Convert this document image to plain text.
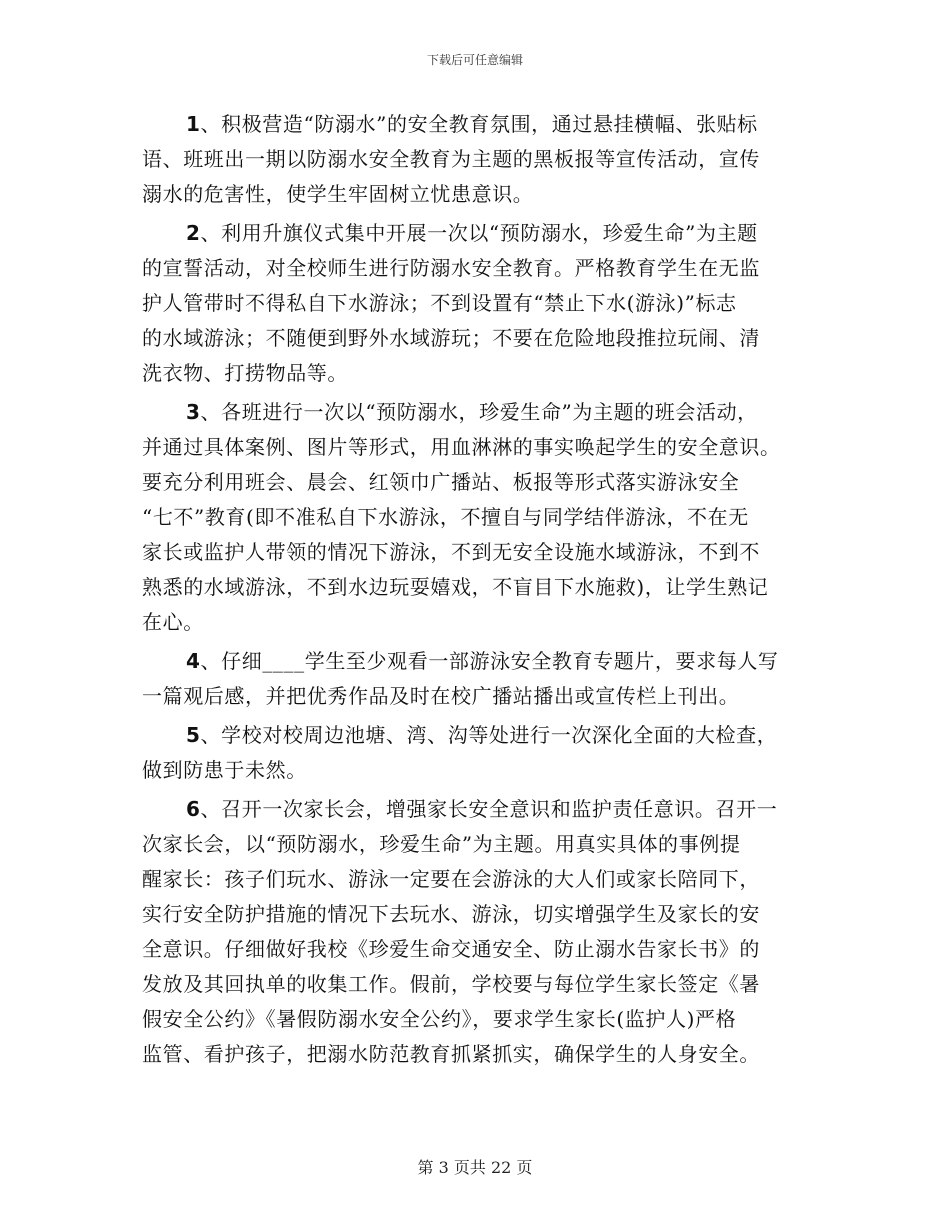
下载后可任意编辑
1、积极营造“防溺水”的安全教育氛围，通过悬挂横幅、张贴标
语、班班出一期以防溺水安全教育为主题的黑板报等宣传活动，宣传
溺水的危害性，使学生牢固树立忧患意识。
2、利用升旗仪式集中开展一次以“预防溺水，珍爱生命”为主题
的宣誓活动，对全校师生进行防溺水安全教育。严格教育学生在无监
护人管带时不得私自下水游泳；不到设置有“禁止下水(游泳)”标志
的水域游泳；不随便到野外水域游玩；不要在危险地段推拉玩闹、清
洗衣物、打捞物品等。
3、各班进行一次以“预防溺水，珍爱生命”为主题的班会活动，
并通过具体案例、图片等形式，用血淋淋的事实唤起学生的安全意识。
要充分利用班会、晨会、红领巾广播站、板报等形式落实游泳安全
“七不”教育(即不准私自下水游泳，不擅自与同学结伴游泳，不在无
家长或监护人带领的情况下游泳，不到无安全设施水域游泳，不到不
熟悉的水域游泳，不到水边玩耍嬉戏，不盲目下水施救)，让学生熟记
在心。
4、仔细____学生至少观看一部游泳安全教育专题片，要求每人写
一篇观后感，并把优秀作品及时在校广播站播出或宣传栏上刊出。
5、学校对校周边池塘、湾、沟等处进行一次深化全面的大检查，
做到防患于未然。
6、召开一次家长会，增强家长安全意识和监护责任意识。召开一
次家长会，以“预防溺水，珍爱生命”为主题。用真实具体的事例提
醒家长：孩子们玩水、游泳一定要在会游泳的大人们或家长陪同下，
实行安全防护措施的情况下去玩水、游泳，切实增强学生及家长的安
全意识。仔细做好我校《珍爱生命交通安全、防止溺水告家长书》的
发放及其回执单的收集工作。假前，学校要与每位学生家长签定《暑
假安全公约》《暑假防溺水安全公约》，要求学生家长(监护人)严格
监管、看护孩子，把溺水防范教育抓紧抓实，确保学生的人身安全。
第 3 页共 22 页
